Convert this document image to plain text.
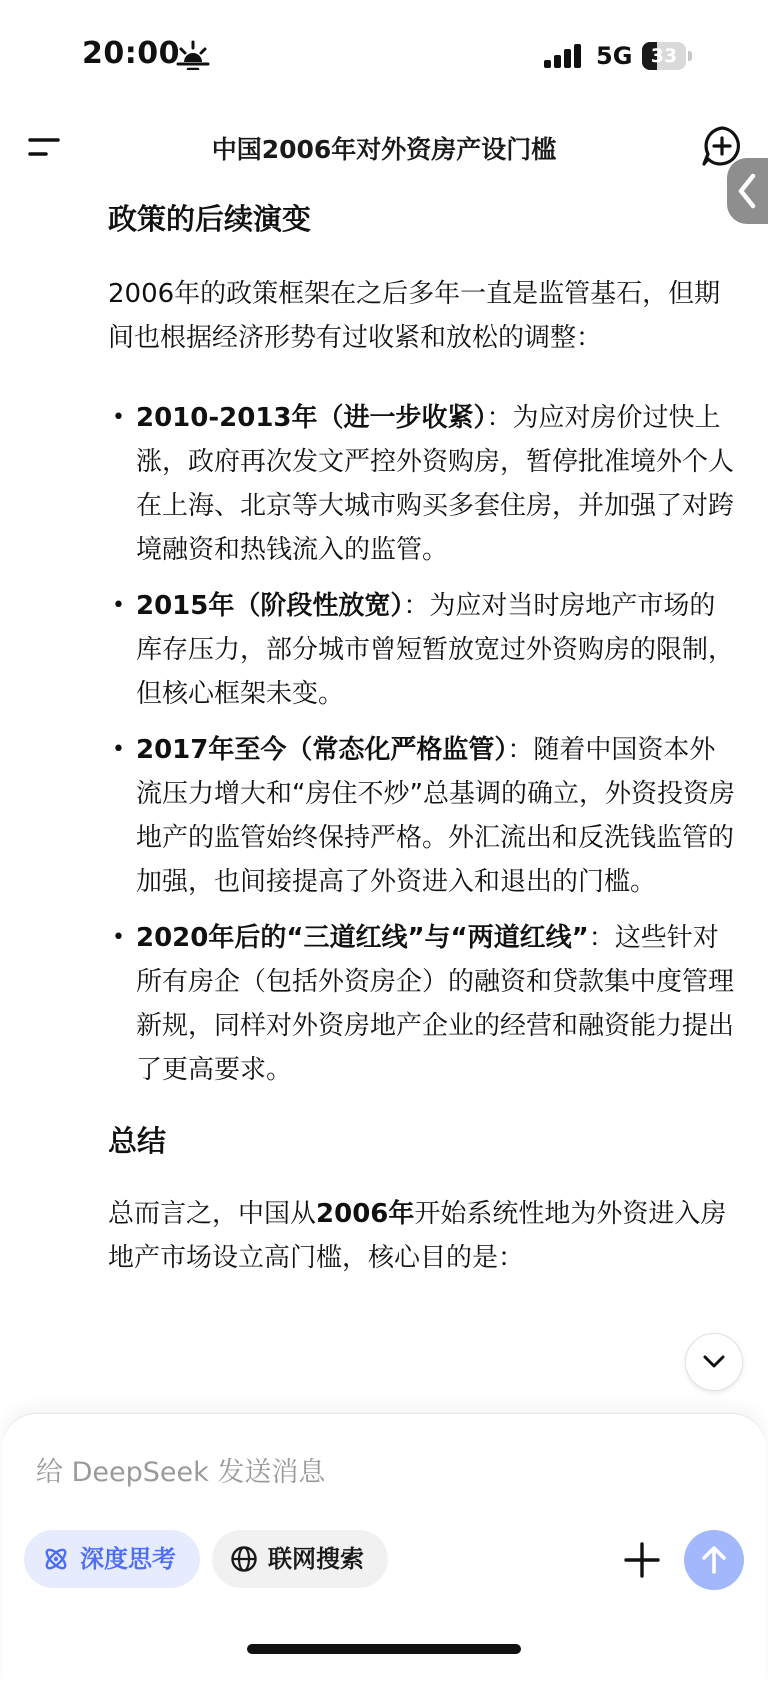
20:00	5G 33
中国2006年对外资房产设门槛
政策的后续演变

2006年的政策框架在之后多年一直是监管基石，但期间也根据经济形势有过收紧和放松的调整：

• 2010-2013年（进一步收紧）：为应对房价过快上涨，政府再次发文严控外资购房，暂停批准境外个人在上海、北京等大城市购买多套住房，并加强了对跨境融资和热钱流入的监管。
• 2015年（阶段性放宽）：为应对当时房地产市场的库存压力，部分城市曾短暂放宽过外资购房的限制，但核心框架未变。
• 2017年至今（常态化严格监管）：随着中国资本外流压力增大和“房住不炒”总基调的确立，外资投资房地产的监管始终保持严格。外汇流出和反洗钱监管的加强，也间接提高了外资进入和退出的门槛。
• 2020年后的“三道红线”与“两道红线”：这些针对所有房企（包括外资房企）的融资和贷款集中度管理新规，同样对外资房地产企业的经营和融资能力提出了更高要求。
总结

总而言之，中国从2006年开始系统性地为外资进入房地产市场设立高门槛，核心目的是：

给 DeepSeek 发送消息
深度思考	联网搜索
